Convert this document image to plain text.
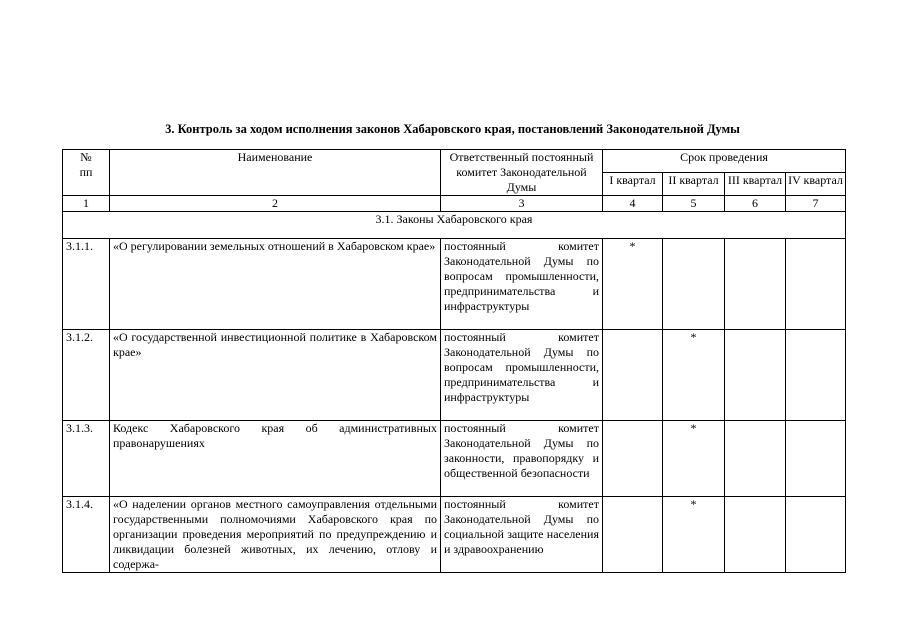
3. Контроль за ходом исполнения законов Хабаровского края, постановлений Законодательной Думы
№
пп	Наименование	Ответственный постоянный комитет Законодательной Думы	Срок проведения			
			I квартал	II квартал	III квартал	IV квартал
1	2	3	4	5	6	7
3.1. Законы Хабаровского края						
3.1.1.	«О регулировании земельных отношений в Хабаровском крае»	постоянный комитет Законодательной Думы по вопросам промышленности, предпринимательства и инфраструктуры	*			
3.1.2.	«О государственной инвестиционной политике в Хабаровском крае»	постоянный комитет Законодательной Думы по вопросам промышленности, предпринимательства и инфраструктуры		*		
3.1.3.	Кодекс Хабаровского края об административных правонарушениях	постоянный комитет Законодательной Думы по законности, правопорядку и общественной безопасности		*		
3.1.4.	«О наделении органов местного самоуправления отдельными государственными полномочиями Хабаровского края по организации проведения мероприятий по предупреждению и ликвидации болезней животных, их лечению, отлову и содержа-	постоянный комитет Законодательной Думы по социальной защите населения и здравоохранению		*		
